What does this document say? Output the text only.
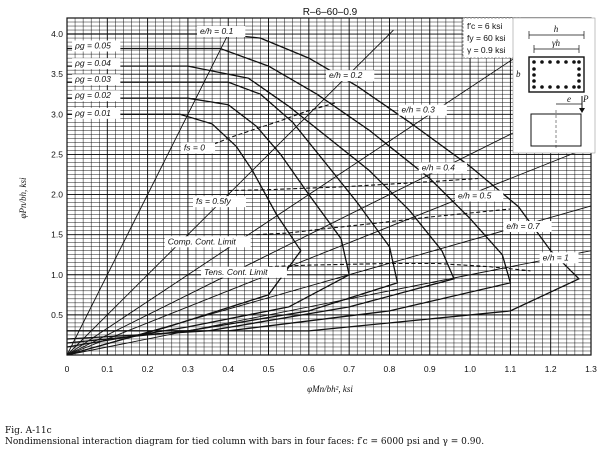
R–6–60–0.9
0	0.1	0.2	0.3	0.4	0.5	0.6	0.7	0.8	0.9	1.0	1.1	1.2	1.3
0.5
1.0
1.5
2.0
2.5
3.0
3.5
4.0	e/h = 0.1
e/h = 0.2
e/h = 0.3
e/h = 0.4
e/h = 0.5
e/h = 0.7
e/h = 1
fs = 0
fs = 0.5fy
Comp. Cont. Limit
Tens. Cont. Limit
ρg = 0.05
ρg = 0.04
ρg = 0.03
ρg = 0.02
ρg = 0.01
f′c = 6 ksi
fy = 60 ksi
γ = 0.9 ksi
h
γh
b
e P
φPn/bh, ksi
φMn/bh², ksi
Fig. A-11c
Nondimensional interaction diagram for tied column with bars in four faces: f′c = 6000 psi and γ = 0.90.
